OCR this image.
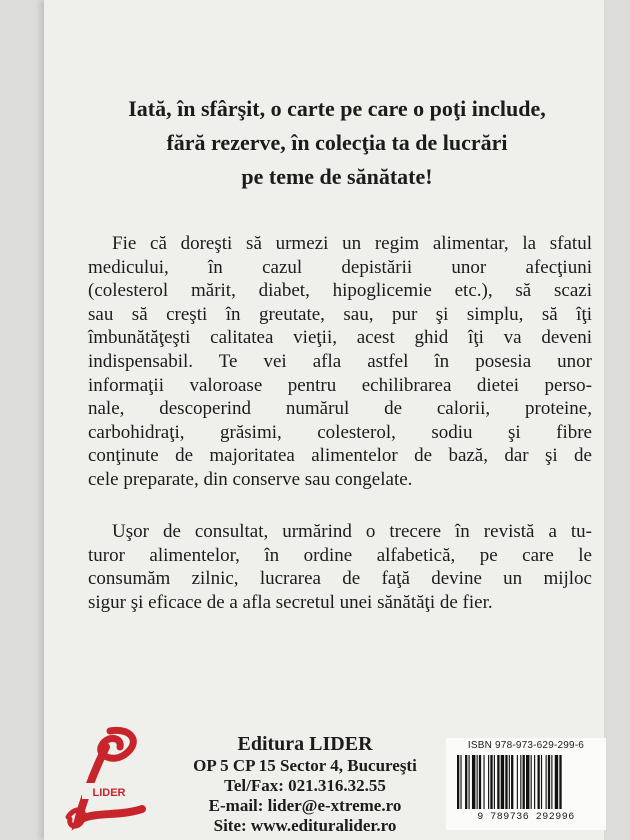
Iată, în sfârşit, o carte pe care o poţi include,
fără rezerve, în colecţia ta de lucrări
pe teme de sănătate!
Fie că doreşti să urmezi un regim alimentar, la sfatul
medicului, în cazul depistării unor afecţiuni
(colesterol mărit, diabet, hipoglicemie etc.), să scazi
sau să creşti în greutate, sau, pur şi simplu, să îţi
îmbunătăţeşti calitatea vieţii, acest ghid îţi va deveni
indispensabil. Te vei afla astfel în posesia unor
informaţii valoroase pentru echilibrarea dietei perso-
nale, descoperind numărul de calorii, proteine,
carbohidraţi, grăsimi, colesterol, sodiu şi fibre
conţinute de majoritatea alimentelor de bază, dar şi de
cele preparate, din conserve sau congelate.
Uşor de consultat, urmărind o trecere în revistă a tu-
turor alimentelor, în ordine alfabetică, pe care le
consumăm zilnic, lucrarea de faţă devine un mijloc
sigur şi eficace de a afla secretul unei sănătăţi de fier.
LIDER
Editura LIDER
OP 5 CP 15 Sector 4, Bucureşti
Tel/Fax: 021.316.32.55
E-mail: lider@e-xtreme.ro
Site: www.edituralider.ro
ISBN 978-973-629-299-6
9 789736 292996
